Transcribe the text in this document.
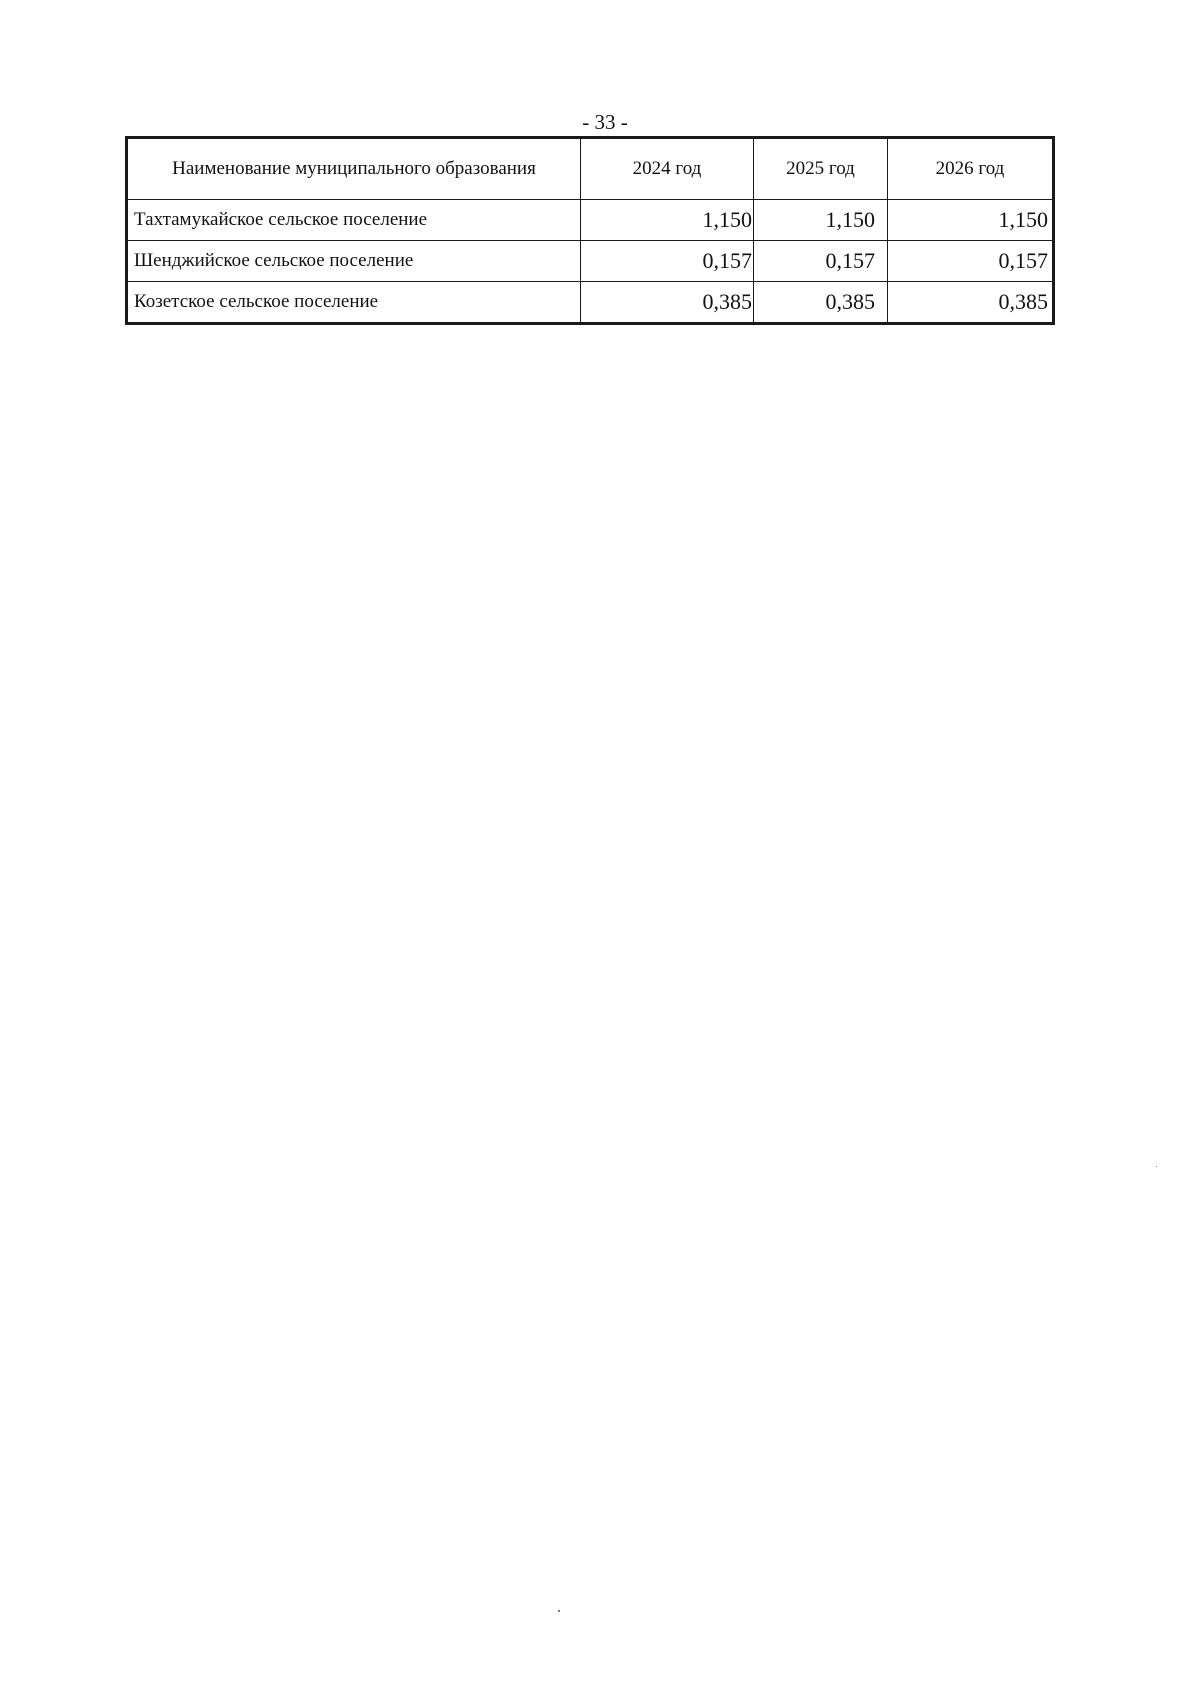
- 33 -
Наименование муниципального образования	2024 год	2025 год	2026 год
Тахтамукайское сельское поселение	1,150	1,150	1,150
Шенджийское сельское поселение	0,157	0,157	0,157
Козетское сельское поселение	0,385	0,385	0,385
